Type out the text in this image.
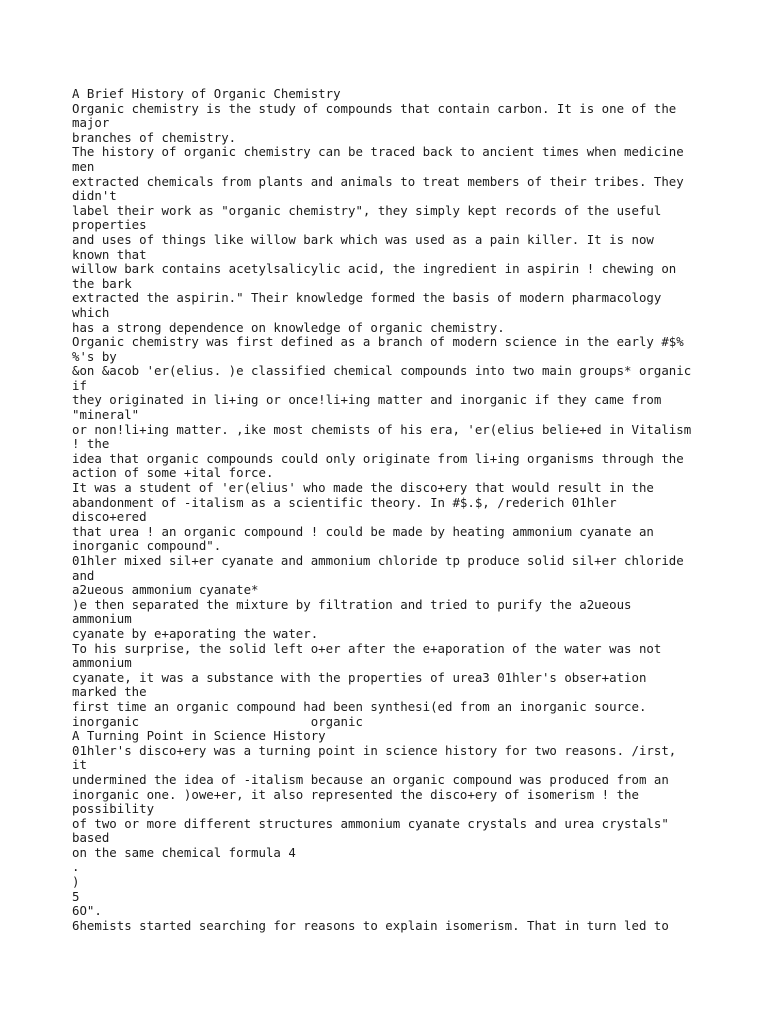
A Brief History of Organic Chemistry
Organic chemistry is the study of compounds that contain carbon. It is one of the
major
branches of chemistry.
The history of organic chemistry can be traced back to ancient times when medicine
men
extracted chemicals from plants and animals to treat members of their tribes. They
didn't
label their work as "organic chemistry", they simply kept records of the useful
properties
and uses of things like willow bark which was used as a pain killer. It is now
known that
willow bark contains acetylsalicylic acid, the ingredient in aspirin ! chewing on
the bark
extracted the aspirin." Their knowledge formed the basis of modern pharmacology
which
has a strong dependence on knowledge of organic chemistry.
Organic chemistry was first defined as a branch of modern science in the early #$%
%'s by
&on &acob 'er(elius. )e classified chemical compounds into two main groups* organic
if
they originated in li+ing or once!li+ing matter and inorganic if they came from
"mineral"
or non!li+ing matter. ,ike most chemists of his era, 'er(elius belie+ed in Vitalism
! the
idea that organic compounds could only originate from li+ing organisms through the
action of some +ital force.
It was a student of 'er(elius' who made the disco+ery that would result in the
abandonment of -italism as a scientific theory. In #$.$, /rederich 01hler
disco+ered
that urea ! an organic compound ! could be made by heating ammonium cyanate an
inorganic compound".
01hler mixed sil+er cyanate and ammonium chloride tp produce solid sil+er chloride
and
a2ueous ammonium cyanate*
)e then separated the mixture by filtration and tried to purify the a2ueous
ammonium
cyanate by e+aporating the water.
To his surprise, the solid left o+er after the e+aporation of the water was not
ammonium
cyanate, it was a substance with the properties of urea3 01hler's obser+ation
marked the
first time an organic compound had been synthesi(ed from an inorganic source.
inorganic                       organic
A Turning Point in Science History
01hler's disco+ery was a turning point in science history for two reasons. /irst,
it
undermined the idea of -italism because an organic compound was produced from an
inorganic one. )owe+er, it also represented the disco+ery of isomerism ! the
possibility
of two or more different structures ammonium cyanate crystals and urea crystals"
based
on the same chemical formula 4
.
)
5
6O".
6hemists started searching for reasons to explain isomerism. That in turn led to
